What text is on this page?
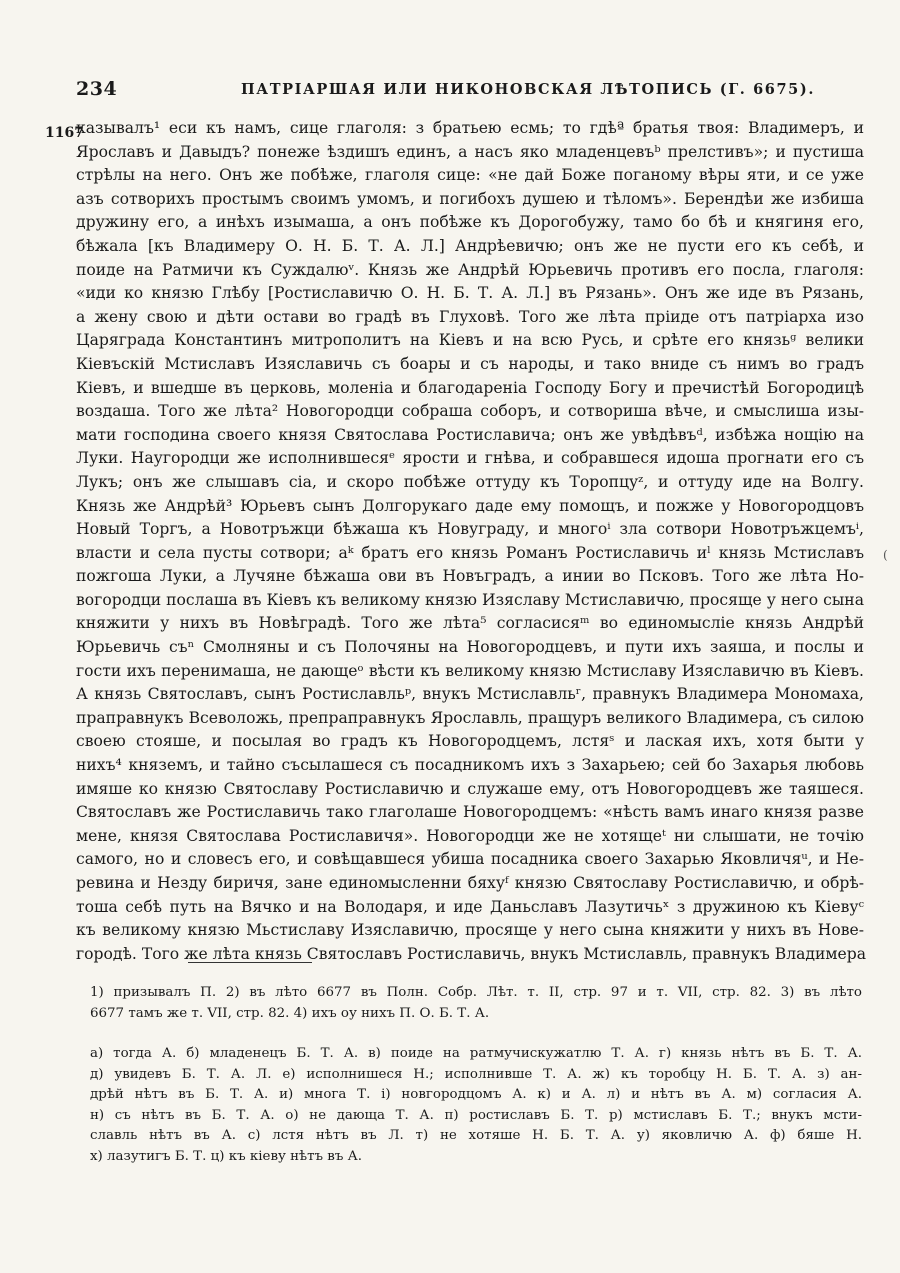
234	ПАТРІАРШАЯ ИЛИ НИКОНОВСКАЯ ЛѢТОПИСЬ (Г. 6675).
1167
(
казывалъ¹ еси къ намъ, сице глаголя: з братьею есмь; то гдѣª братья твоя: Владимеръ, и
Ярославъ и Давыдъ? понеже ѣздишъ единъ, а насъ яко младенцевъᵇ прелстивъ»; и пустиша
стрѣлы на него. Онъ же побѣже, глаголя сице: «не дай Боже поганому вѣры яти, и се уже
азъ сотворихъ простымъ своимъ умомъ, и погибохъ душею и тѣломъ». Берендѣи же избиша
дружину его, а инѣхъ изымаша, а онъ побѣже къ Дорогобужу, тамо бо бѣ и княгиня его,
бѣжала [къ Владимеру О. Н. Б. Т. А. Л.] Андрѣевичю; онъ же не пусти его къ себѣ, и
поиде на Ратмичи къ Суждалюᵛ. Князь же Андрѣй Юрьевичь противъ его посла, глаголя:
«иди ко князю Глѣбу [Ростиславичю О. Н. Б. Т. А. Л.] въ Рязань». Онъ же иде въ Рязань,
а жену свою и дѣти остави во градѣ въ Глуховѣ. Того же лѣта пріиде отъ патріарха изо
Царяграда Константинъ митрополитъ на Кіевъ и на всю Русь, и срѣте его князьᶢ велики
Кіевъскій Мстиславъ Изяславичь съ боары и съ народы, и тако вниде съ нимъ во градъ
Кіевъ, и вшедше въ церковь, моленіа и благодареніа Господу Богу и пречистѣй Богородицѣ
воздаша. Того же лѣта² Новогородци собраша соборъ, и сотвориша вѣче, и смыслиша изы-
мати господина своего князя Святослава Ростиславича; онъ же увѣдѣвъᵈ, избѣжа нощію на
Луки. Наугородци же исполнившесяᵉ ярости и гнѣва, и собравшеся идоша прогнати его съ
Лукъ; онъ же слышавъ сіа, и скоро побѣже оттуду къ Торопцуᶻ, и оттуду иде на Волгу.
Князь же Андрѣй³ Юрьевъ сынъ Долгорукаго даде ему помощъ, и пожже у Новогородцовъ
Новый Торгъ, а Новотръжци бѣжаша къ Новуграду, и многоⁱ зла сотвори Новотръжцемъⁱ,
власти и села пусты сотвори; аᵏ братъ его князь Романъ Ростиславичь иˡ князь Мстиславъ
пожгоша Луки, а Лучяне бѣжаша ови въ Новъградъ, а инии во Псковъ. Того же лѣта Но-
вогородци послаша въ Кіевъ къ великому князю Изяславу Мстиславичю, просяще у него сына
княжити у нихъ въ Новѣградѣ. Того же лѣта⁵ согласисяᵐ во единомысліе князь Андрѣй
Юрьевичь съⁿ Смолняны и съ Полочяны на Новогородцевъ, и пути ихъ заяша, и послы и
гости ихъ перенимаша, не дающеᵒ вѣсти къ великому князю Мстиславу Изяславичю въ Кіевъ.
А князь Святославъ, сынъ Ростиславльᵖ, внукъ Мстиславльʳ, правнукъ Владимера Мономаха,
праправнукъ Всеволожь, препраправнукъ Ярославль, пращуръ великого Владимера, съ силою
своею стояше, и посылая во градъ къ Новогородцемъ, лстяˢ и лаская ихъ, хотя быти у
нихъ⁴ княземъ, и тайно съсылашеся съ посадникомъ ихъ з Захарьею; сей бо Захарья любовь
имяше ко князю Святославу Ростиславичю и служаше ему, отъ Новогородцевъ же таяшеся.
Святославъ же Ростиславичь тако глаголаше Новогородцемъ: «нѣсть вамъ инаго князя разве
мене, князя Святослава Ростиславичя». Новогородци же не хотящеᵗ ни слышати, не точію
самого, но и словесъ его, и совѣщавшеся убиша посадника своего Захарью Яковличяᵘ, и Не-
ревина и Незду биричя, зане единомысленни бяхуᶠ князю Святославу Ростиславичю, и обрѣ-
тоша себѣ путь на Вячко и на Володаря, и иде Даньславъ Лазутичьˣ з дружиною къ Кіевуᶜ
къ великому князю Мьстиславу Изяславичю, просяще у него сына княжити у нихъ въ Нове-
городѣ. Того же лѣта князь Святославъ Ростиславичь, внукъ Мстиславль, правнукъ Владимера
1) призывалъ П. 2) въ лѣто 6677 въ Полн. Собр. Лѣт. т. II, стр. 97 и т. VII, стр. 82. 3) въ лѣто
6677 тамъ же т. VII, стр. 82. 4) ихъ оу нихъ П. О. Б. Т. А.
а) тогда А. б) младенецъ Б. Т. А. в) поиде на ратмучискужатлю Т. А. г) князь нѣтъ въ Б. Т. А.
д) увидевъ Б. Т. А. Л. е) исполнишеся Н.; исполнивше Т. А. ж) къ торобцу Н. Б. Т. А. з) ан-
дрѣй нѣтъ въ Б. Т. А. и) многа Т. і) новгородцомъ А. к) и А. л) и нѣтъ въ А. м) согласия А.
н) съ нѣтъ въ Б. Т. А. о) не дающа Т. А. п) ростиславъ Б. Т. р) мстиславъ Б. Т.; внукъ мсти-
славль нѣтъ въ А. с) лстя нѣтъ въ Л. т) не хотяше Н. Б. Т. А. у) яковличю А. ф) бяше Н.
х) лазутигъ Б. Т. ц) къ кіеву нѣтъ въ А.
